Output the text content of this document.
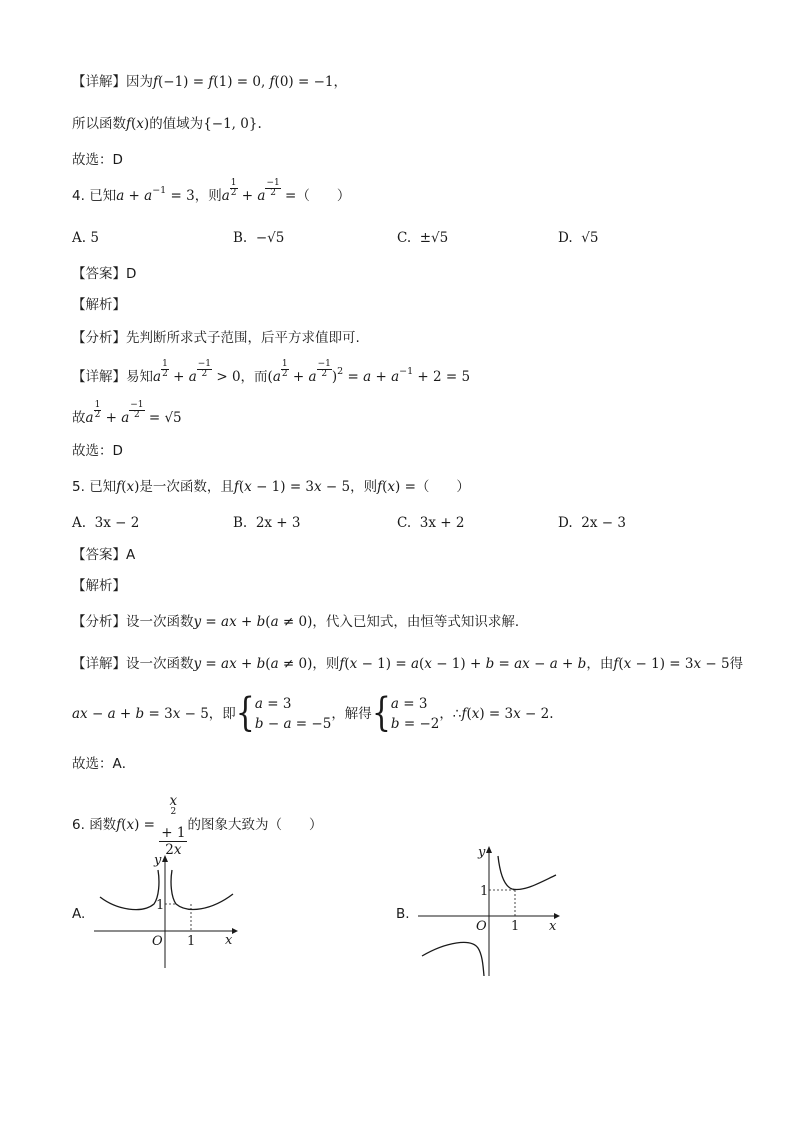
【详解】因为f(−1) = f(1) = 0, f(0) = −1，
所以函数f(x)的值域为{−1, 0}.
故选：D
4. 已知$a + a^{-1} = 3$，则a $\frac{1}{2} + a \frac{-1}{2}$ =（　　）
A. 5	B. −√5	C. ±√5	D. √5
【答案】D
【解析】
【分析】先判断所求式子范围，后平方求值即可.
【详解】易知a $\frac{1}{2} + a \frac{-1}{2} > 0$，而$(a \frac{1}{2} + a \frac{-1}{2} )^2 = a + a^{-1} + 2 = 5$
故a $\frac{1}{2} + a \frac{-1}{2} = √5$
故选：D
5. 已知f(x)是一次函数，且f(x − 1) = 3x − 5，则f(x) =（　　）
A. 3x − 2	B. 2x + 3	C. 3x + 2	D. 2x − 3
【答案】A
【解析】
【分析】设一次函数y = ax + b(a ≠ 0)，代入已知式，由恒等式知识求解．
【详解】设一次函数y = ax + b(a ≠ 0)，则f(x − 1) = a(x − 1) + b = ax − a + b，由f(x − 1) = 3x − 5得
ax − a + b = 3x − 5，即{a = 3
b − a = −5，解得{a = 3
b = −2，∴f(x) = 3x − 2.
故选：A．
6. 函数f(x) = x
2
+ 1
2x 的图象大致为（　　）
A.
y
x
O
1
1
B.
y
x
O
1
1
